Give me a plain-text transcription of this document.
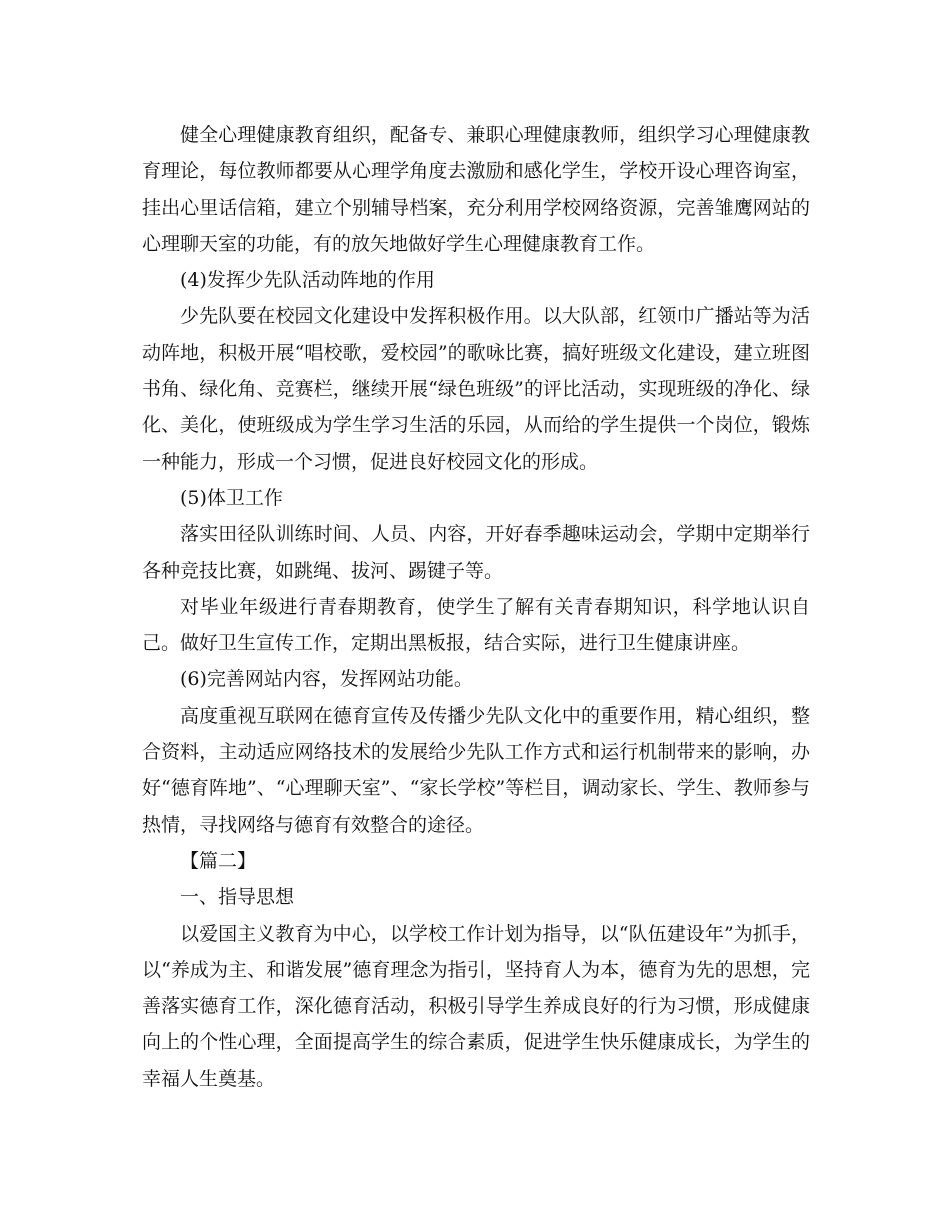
健全心理健康教育组织，配备专、兼职心理健康教师，组织学习心理健康教育理论，每位教师都要从心理学角度去激励和感化学生，学校开设心理咨询室，挂出心里话信箱，建立个别辅导档案，充分利用学校网络资源，完善雏鹰网站的心理聊天室的功能，有的放矢地做好学生心理健康教育工作。

(4)发挥少先队活动阵地的作用

少先队要在校园文化建设中发挥积极作用。以大队部，红领巾广播站等为活动阵地，积极开展“唱校歌，爱校园”的歌咏比赛，搞好班级文化建设，建立班图书角、绿化角、竞赛栏，继续开展“绿色班级”的评比活动，实现班级的净化、绿化、美化，使班级成为学生学习生活的乐园，从而给的学生提供一个岗位，锻炼一种能力，形成一个习惯，促进良好校园文化的形成。

(5)体卫工作

落实田径队训练时间、人员、内容，开好春季趣味运动会，学期中定期举行各种竞技比赛，如跳绳、拔河、踢键子等。

对毕业年级进行青春期教育，使学生了解有关青春期知识，科学地认识自己。做好卫生宣传工作，定期出黑板报，结合实际，进行卫生健康讲座。

(6)完善网站内容，发挥网站功能。

高度重视互联网在德育宣传及传播少先队文化中的重要作用，精心组织，整合资料，主动适应网络技术的发展给少先队工作方式和运行机制带来的影响，办好“德育阵地”、“心理聊天室”、“家长学校”等栏目，调动家长、学生、教师参与热情，寻找网络与德育有效整合的途径。

【篇二】

一、指导思想

以爱国主义教育为中心，以学校工作计划为指导，以“队伍建设年”为抓手，以“养成为主、和谐发展”德育理念为指引，坚持育人为本，德育为先的思想，完善落实德育工作，深化德育活动，积极引导学生养成良好的行为习惯，形成健康向上的个性心理，全面提高学生的综合素质，促进学生快乐健康成长，为学生的幸福人生奠基。
